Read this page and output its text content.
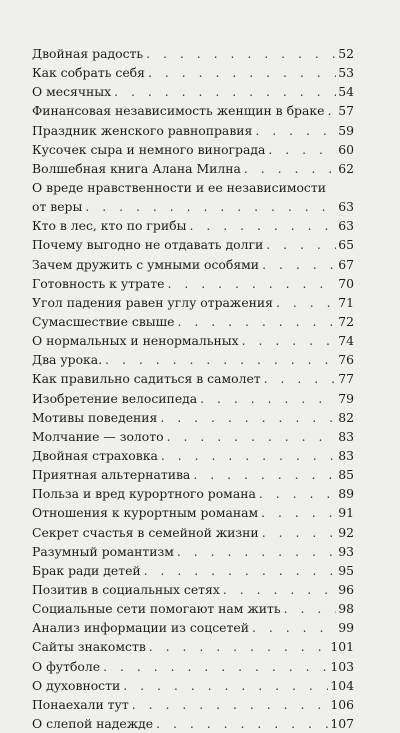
Двойная радость . . .	52
Как собрать себя . . .	53
О месячных . . .	54
Финансовая независимость женщин в браке . . . 57
Праздник женского равноправия . . .	59
Кусочек сыра и немного винограда . . .	60
Волшебная книга Алана Милна . . .	62
О вреде нравственности и ее независимости
от веры . . .	63
Кто в лес, кто по грибы . . .	63
Почему выгодно не отдавать долги . . .	65
Зачем дружить с умными особями . . .	67
Готовность к утрате . . .	70
Угол падения равен углу отражения . . .	71
Сумасшествие свыше . . .	72
О нормальных и ненормальных . . .	74
Два урока. . . .	76
Как правильно садиться в самолет . . .	77
Изобретение велосипеда . . .	79
Мотивы поведения . . .	82
Молчание — золото . . .	83
Двойная страховка . . .	83
Приятная альтернатива . . .	85
Польза и вред курортного романа . . .	89
Отношения к курортным романам . . .	91
Секрет счастья в семейной жизни . . .	92
Разумный романтизм . . .	93
Брак ради детей . . .	95
Позитив в социальных сетях . . .	96
Социальные сети помогают нам жить . . .	98
Анализ информации из соцсетей . . .	99
Сайты знакомств . . .	101
О футболе . . .	103
О духовности . . .	104
Понаехали тут . . .	106
О слепой надежде . . .	107
